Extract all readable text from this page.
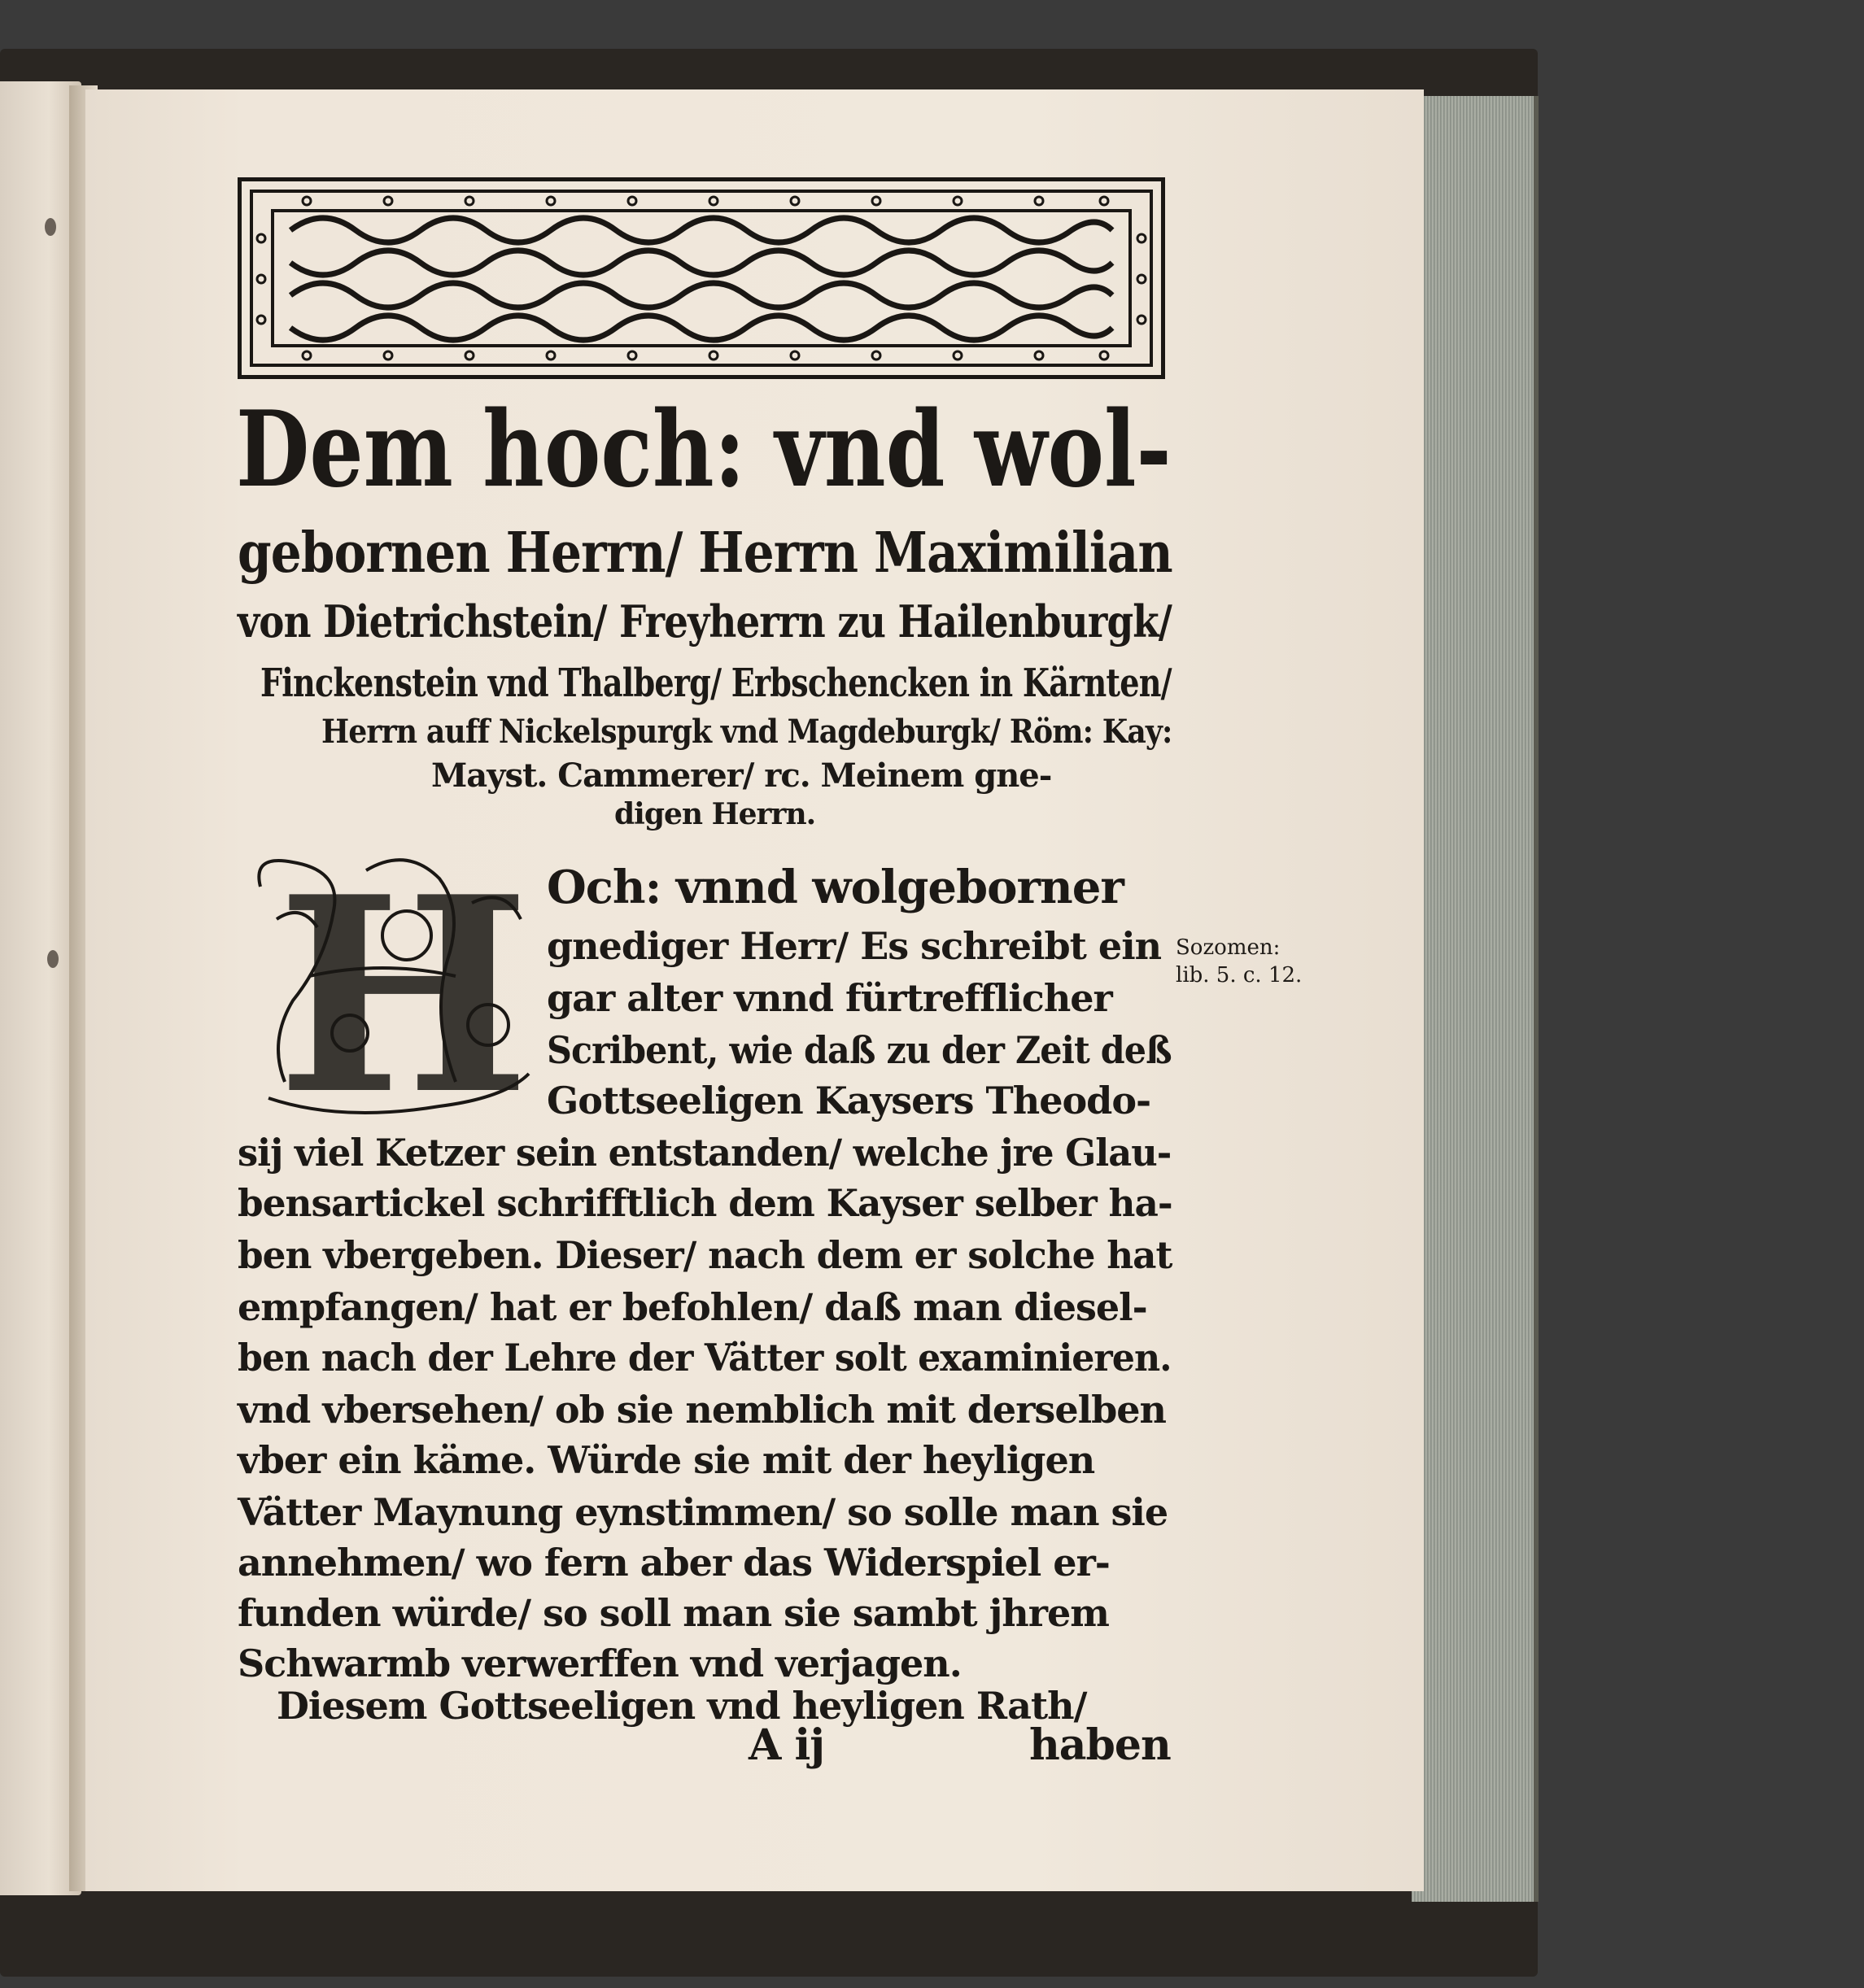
Dem hoch: vnd wol-
gebornen Herrn/ Herrn Maximilian
von Dietrichstein/ Freyherrn zu Hailenburgk/
Finckenstein vnd Thalberg/ Erbschencken in Kärnten/
Herrn auff Nickelspurgk vnd Magdeburgk/ Röm: Kay:
Mayst. Cammerer/ rc. Meinem gne-
digen Herrn.
H Och: vnnd wolgeborner
gnediger Herr/ Es schreibt ein
gar alter vnnd fürtrefflicher
Scribent, wie daß zu der Zeit deß
Gottseeligen Kaysers Theodo-
sij viel Ketzer sein entstanden/ welche jre Glau-
bensartickel schrifftlich dem Kayser selber ha-
ben vbergeben. Dieser/ nach dem er solche hat
empfangen/ hat er befohlen/ daß man diesel-
ben nach der Lehre der Vätter solt examinieren.
vnd vbersehen/ ob sie nemblich mit derselben
vber ein käme. Würde sie mit der heyligen
Vätter Maynung eynstimmen/ so solle man sie
annehmen/ wo fern aber das Widerspiel er-
funden würde/ so soll man sie sambt jhrem
Schwarmb verwerffen vnd verjagen.
Diesem Gottseeligen vnd heyligen Rath/
Sozomen:
lib. 5. c. 12.
A ij	haben
